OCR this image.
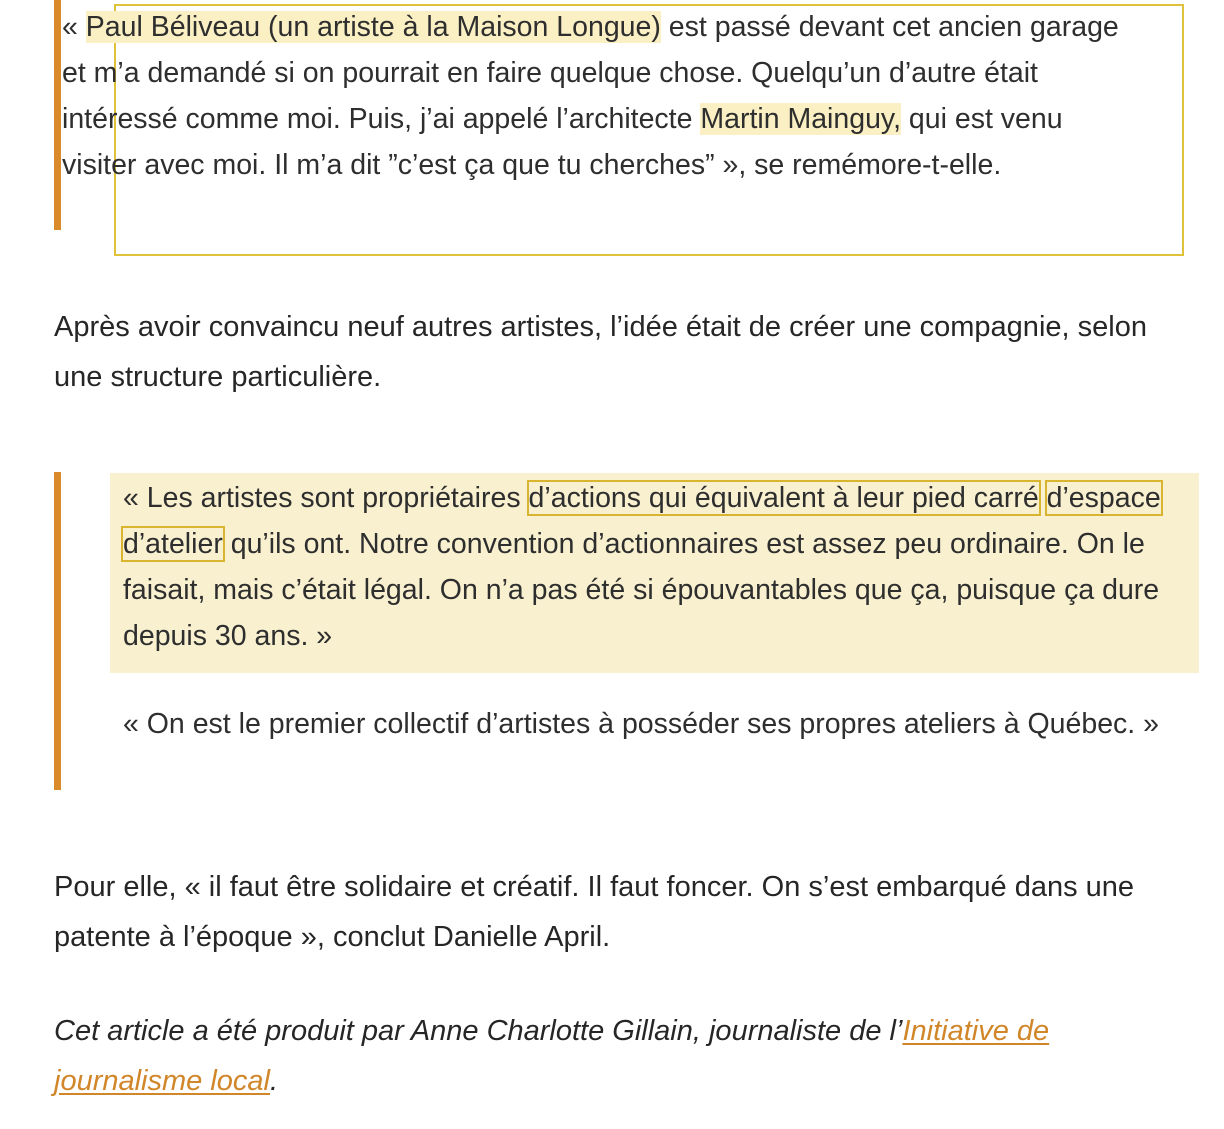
« Paul Béliveau (un artiste à la Maison Longue) est passé devant cet ancien garage et m’a demandé si on pourrait en faire quelque chose. Quelqu’un d’autre était intéressé comme moi. Puis, j’ai appelé l’architecte Martin Mainguy, qui est venu visiter avec moi. Il m’a dit ”c’est ça que tu cherches” », se remémore-t-elle.

Après avoir convaincu neuf autres artistes, l’idée était de créer une compagnie, selon une structure particulière.

« Les artistes sont propriétaires d’actions qui équivalent à leur pied carré d’espace d’atelier qu’ils ont. Notre convention d’actionnaires est assez peu ordinaire. On le faisait, mais c’était légal. On n’a pas été si épouvantables que ça, puisque ça dure depuis 30 ans. »

« On est le premier collectif d’artistes à posséder ses propres ateliers à Québec. »

Pour elle, « il faut être solidaire et créatif. Il faut foncer. On s’est embarqué dans une patente à l’époque », conclut Danielle April.

Cet article a été produit par Anne Charlotte Gillain, journaliste de l’Initiative de journalisme local.
